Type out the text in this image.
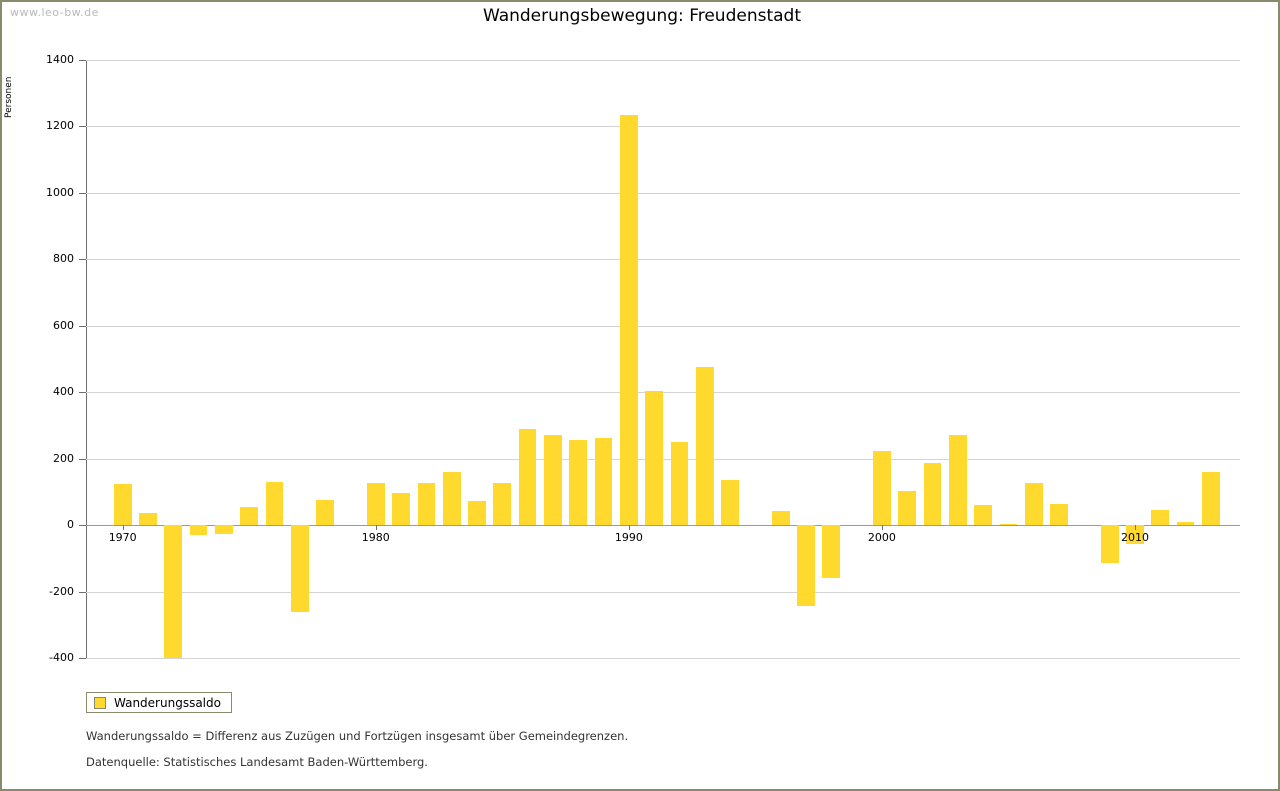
www.leo-bw.de	Wanderungsbewegung: Freudenstadt
Personen
-400
-200
0
200
400
600
800
1000
1200
1400
1970	1980	1990	2000	2010
Wanderungssaldo
Wanderungssaldo = Differenz aus Zuzügen und Fortzügen insgesamt über Gemeindegrenzen.
Datenquelle: Statistisches Landesamt Baden-Württemberg.
